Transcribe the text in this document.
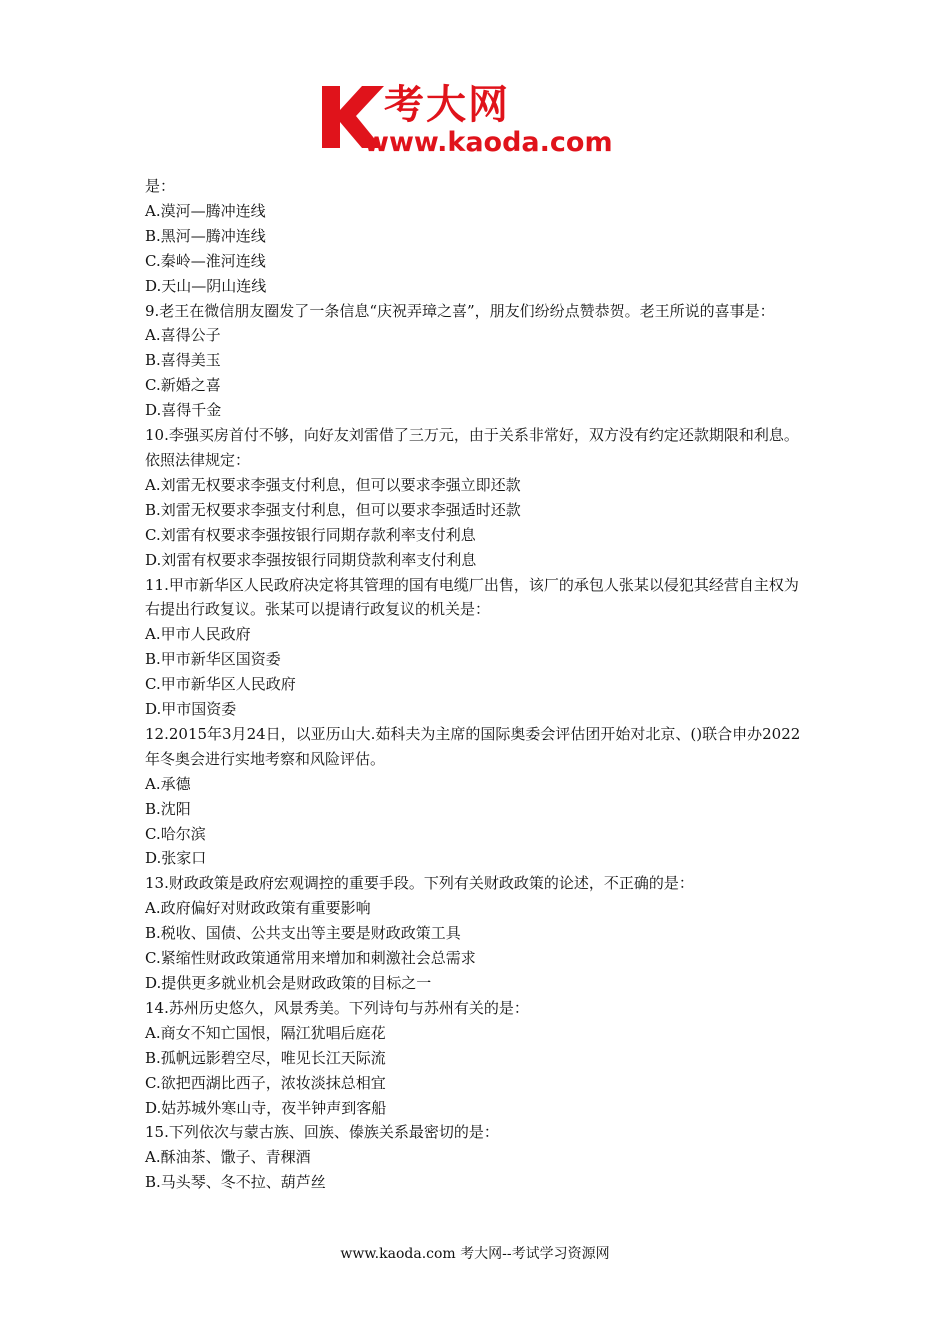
考大网
www.kaoda.com
是：
A.漠河—腾冲连线
B.黑河—腾冲连线
C.秦岭—淮河连线
D.天山—阴山连线
9.老王在微信朋友圈发了一条信息“庆祝弄璋之喜”，朋友们纷纷点赞恭贺。老王所说的喜事是：
A.喜得公子
B.喜得美玉
C.新婚之喜
D.喜得千金
10.李强买房首付不够，向好友刘雷借了三万元，由于关系非常好，双方没有约定还款期限和利息。依照法律规定：
A.刘雷无权要求李强支付利息，但可以要求李强立即还款
B.刘雷无权要求李强支付利息，但可以要求李强适时还款
C.刘雷有权要求李强按银行同期存款利率支付利息
D.刘雷有权要求李强按银行同期贷款利率支付利息
11.甲市新华区人民政府决定将其管理的国有电缆厂出售，该厂的承包人张某以侵犯其经营自主权为右提出行政复议。张某可以提请行政复议的机关是：
A.甲市人民政府
B.甲市新华区国资委
C.甲市新华区人民政府
D.甲市国资委
12.2015年3月24日，以亚历山大.茹科夫为主席的国际奥委会评估团开始对北京、()联合申办2022年冬奥会进行实地考察和风险评估。
A.承德
B.沈阳
C.哈尔滨
D.张家口
13.财政政策是政府宏观调控的重要手段。下列有关财政政策的论述，不正确的是：
A.政府偏好对财政政策有重要影响
B.税收、国债、公共支出等主要是财政政策工具
C.紧缩性财政政策通常用来增加和刺激社会总需求
D.提供更多就业机会是财政政策的目标之一
14.苏州历史悠久，风景秀美。下列诗句与苏州有关的是：
A.商女不知亡国恨，隔江犹唱后庭花
B.孤帆远影碧空尽，唯见长江天际流
C.欲把西湖比西子，浓妆淡抹总相宜
D.姑苏城外寒山寺，夜半钟声到客船
15.下列依次与蒙古族、回族、傣族关系最密切的是：
A.酥油茶、馓子、青稞酒
B.马头琴、冬不拉、葫芦丝
www.kaoda.com 考大网--考试学习资源网
